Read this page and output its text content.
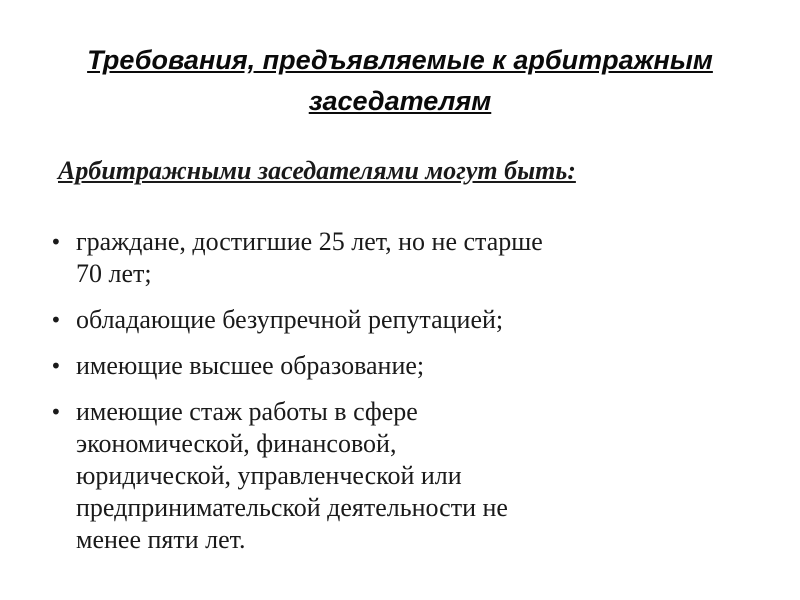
Требования, предъявляемые к арбитражным заседателям
Арбитражными заседателями могут быть:
• граждане, достигшие 25 лет, но не старше
70 лет;
• обладающие безупречной репутацией;
• имеющие высшее образование;
• имеющие стаж работы в сфере
экономической, финансовой,
юридической, управленческой или
предпринимательской деятельности не
менее пяти лет.
